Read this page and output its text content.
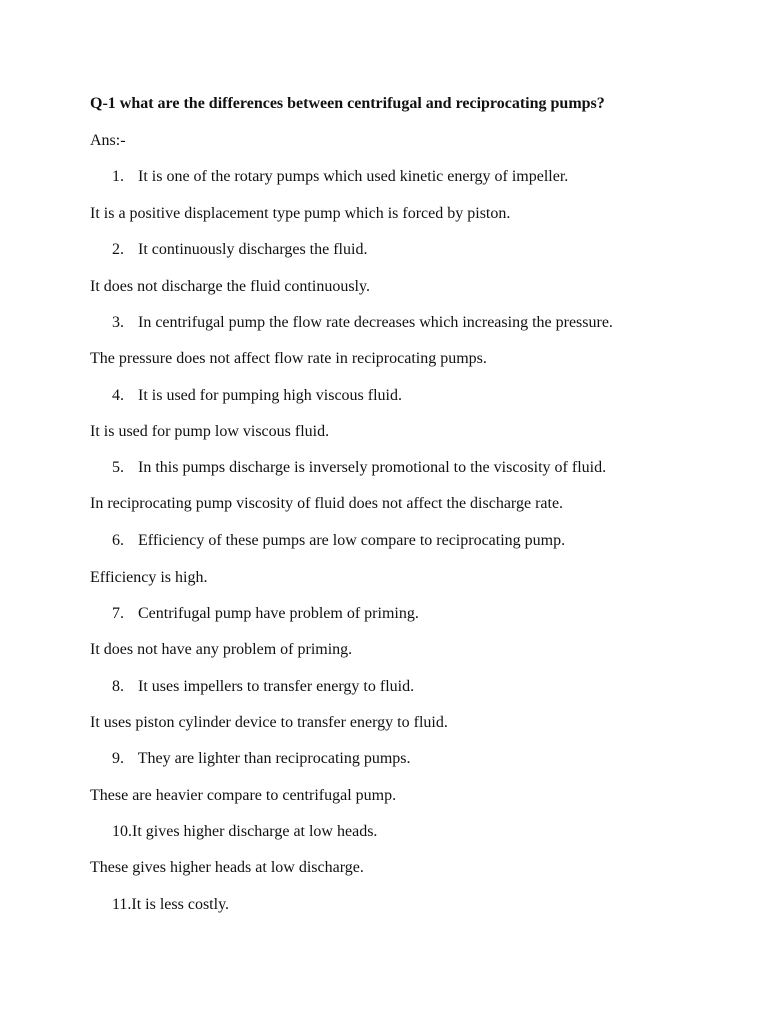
Q-1 what are the differences between centrifugal and reciprocating pumps?
Ans:-
1. It is one of the rotary pumps which used kinetic energy of impeller.
It is a positive displacement type pump which is forced by piston.
2. It continuously discharges the fluid.
It does not discharge the fluid continuously.
3. In centrifugal pump the flow rate decreases which increasing the pressure.
The pressure does not affect flow rate in reciprocating pumps.
4. It is used for pumping high viscous fluid.
It is used for pump low viscous fluid.
5. In this pumps discharge is inversely promotional to the viscosity of fluid.
In reciprocating pump viscosity of fluid does not affect the discharge rate.
6. Efficiency of these pumps are low compare to reciprocating pump.
Efficiency is high.
7. Centrifugal pump have problem of priming.
It does not have any problem of priming.
8. It uses impellers to transfer energy to fluid.
It uses piston cylinder device to transfer energy to fluid.
9. They are lighter than reciprocating pumps.
These are heavier compare to centrifugal pump.
10.It gives higher discharge at low heads.
These gives higher heads at low discharge.
11.It is less costly.
